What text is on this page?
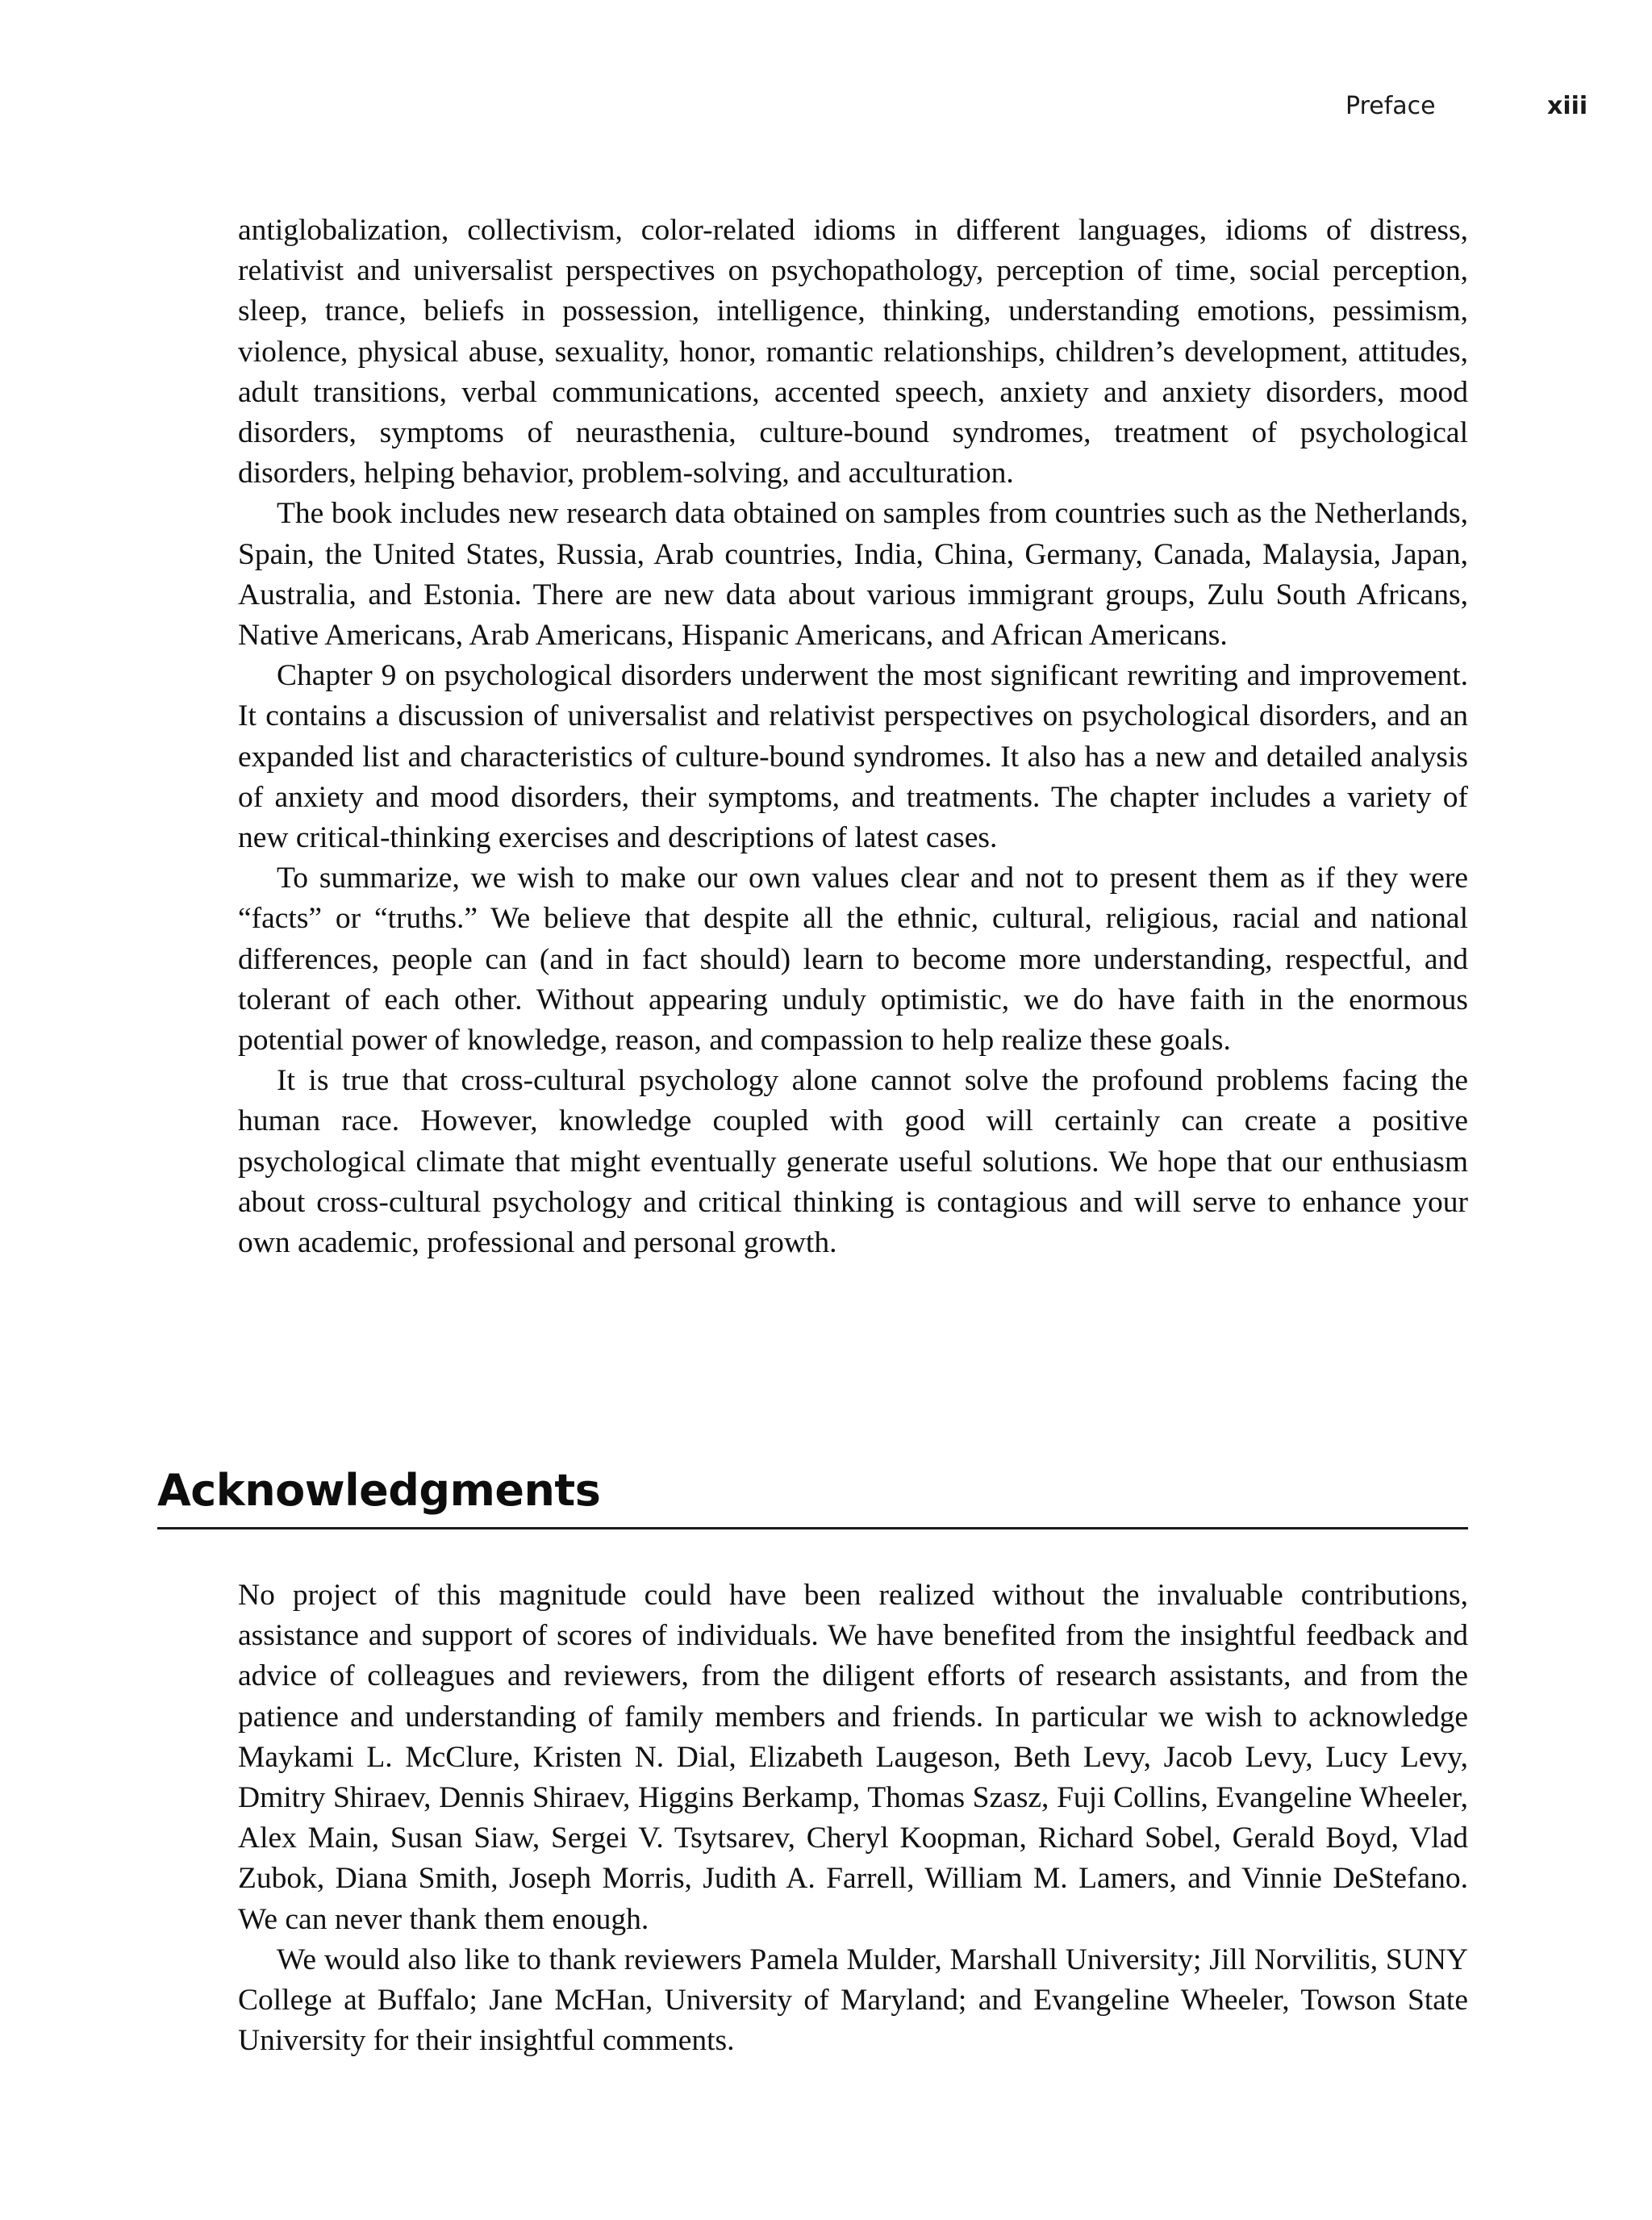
Preface	xiii

antiglobalization, collectivism, color-related idioms in different languages, idioms of distress, relativist and universalist perspectives on psychopathology, perception of time, social perception, sleep, trance, beliefs in possession, intelligence, thinking, understanding emotions, pessimism, violence, physical abuse, sexuality, honor, romantic relationships, children’s development, attitudes, adult transitions, verbal communications, accented speech, anxiety and anxiety disorders, mood disorders, symptoms of neurasthenia, culture-bound syndromes, treatment of psychological disorders, helping behavior, problem-solving, and acculturation.

The book includes new research data obtained on samples from countries such as the Netherlands, Spain, the United States, Russia, Arab countries, India, China, Germany, Canada, Malaysia, Japan, Australia, and Estonia. There are new data about various immigrant groups, Zulu South Africans, Native Americans, Arab Americans, Hispanic Americans, and African Americans.

Chapter 9 on psychological disorders underwent the most significant rewriting and improvement. It contains a discussion of universalist and relativist perspectives on psychological disorders, and an expanded list and characteristics of culture-bound syndromes. It also has a new and detailed analysis of anxiety and mood disorders, their symptoms, and treatments. The chapter includes a variety of new critical-thinking exercises and descriptions of latest cases.

To summarize, we wish to make our own values clear and not to present them as if they were “facts” or “truths.” We believe that despite all the ethnic, cultural, religious, racial and national differences, people can (and in fact should) learn to become more understanding, respectful, and tolerant of each other. Without appearing unduly optimistic, we do have faith in the enormous potential power of knowledge, reason, and compassion to help realize these goals.

It is true that cross-cultural psychology alone cannot solve the profound problems facing the human race. However, knowledge coupled with good will certainly can create a positive psychological climate that might eventually generate useful solutions. We hope that our enthusiasm about cross-cultural psychology and critical thinking is contagious and will serve to enhance your own academic, professional and personal growth.

Acknowledgments

No project of this magnitude could have been realized without the invaluable contributions, assistance and support of scores of individuals. We have benefited from the insightful feedback and advice of colleagues and reviewers, from the diligent efforts of research assistants, and from the patience and understanding of family members and friends. In particular we wish to acknowledge Maykami L. McClure, Kristen N. Dial, Elizabeth Laugeson, Beth Levy, Jacob Levy, Lucy Levy, Dmitry Shiraev, Dennis Shiraev, Higgins Berkamp, Thomas Szasz, Fuji Collins, Evangeline Wheeler, Alex Main, Susan Siaw, Sergei V. Tsytsarev, Cheryl Koopman, Richard Sobel, Gerald Boyd, Vlad Zubok, Diana Smith, Joseph Morris, Judith A. Farrell, William M. Lamers, and Vinnie DeStefano. We can never thank them enough.

We would also like to thank reviewers Pamela Mulder, Marshall University; Jill Norvilitis, SUNY College at Buffalo; Jane McHan, University of Maryland; and Evangeline Wheeler, Towson State University for their insightful comments.
